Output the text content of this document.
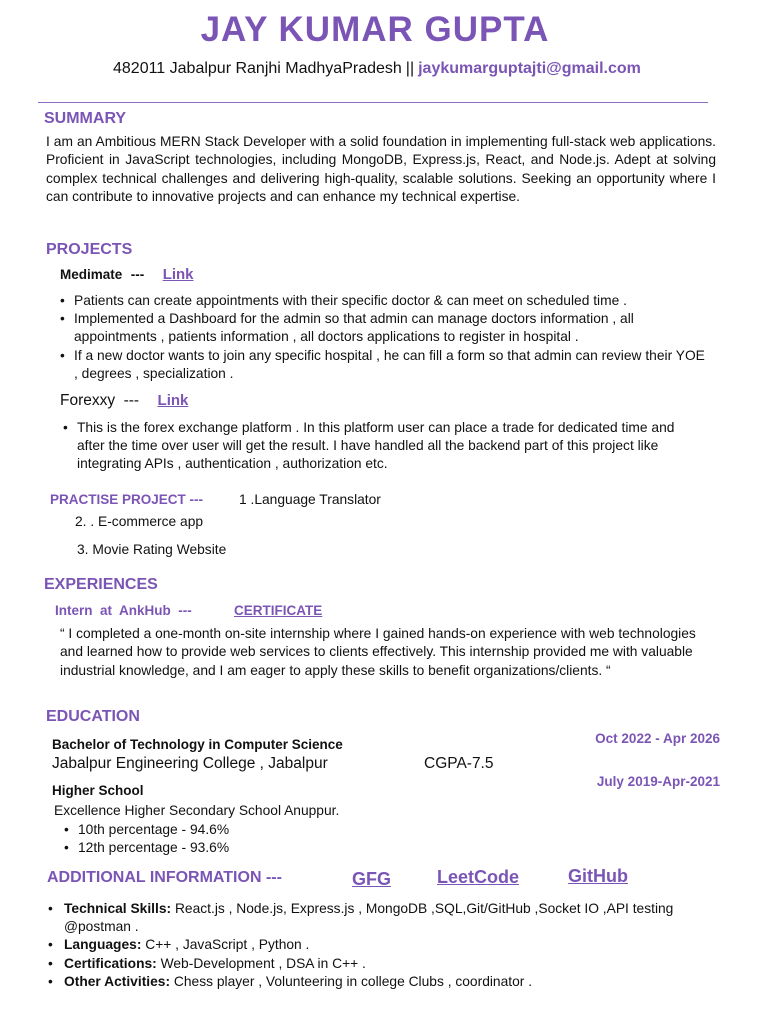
JAY KUMAR GUPTA
482011 Jabalpur Ranjhi MadhyaPradesh || jaykumarguptajti@gmail.com
SUMMARY
I am an Ambitious MERN Stack Developer with a solid foundation in implementing full-stack web applications. Proficient in JavaScript technologies, including MongoDB, Express.js, React, and Node.js. Adept at solving complex technical challenges and delivering high-quality, scalable solutions. Seeking an opportunity where I can contribute to innovative projects and can enhance my technical expertise.
PROJECTS
Medimate --- Link
• Patients can create appointments with their specific doctor & can meet on scheduled time .
• Implemented a Dashboard for the admin so that admin can manage doctors information , all appointments , patients information , all doctors applications to register in hospital .
• If a new doctor wants to join any specific hospital , he can fill a form so that admin can review their YOE , degrees , specialization .
Forexxy --- Link
• This is the forex exchange platform . In this platform user can place a trade for dedicated time and after the time over user will get the result. I have handled all the backend part of this project like integrating APIs , authentication , authorization etc.
PRACTISE PROJECT ---	1 .Language Translator
2. . E-commerce app
3. Movie Rating Website
EXPERIENCES
Intern  at  AnkHub  ---	CERTIFICATE
“ I completed a one-month on-site internship where I gained hands-on experience with web technologies and learned how to provide web services to clients effectively. This internship provided me with valuable industrial knowledge, and I am eager to apply these skills to benefit organizations/clients. “
EDUCATION
Bachelor of Technology in Computer Science	Oct 2022 - Apr 2026
Jabalpur Engineering College , Jabalpur	CGPA-7.5
July 2019-Apr-2021
Higher School
Excellence Higher Secondary School Anuppur.
• 10th percentage - 94.6%
• 12th percentage - 93.6%
ADDITIONAL INFORMATION ---	GFG	LeetCode	GitHub
• Technical Skills: React.js , Node.js, Express.js , MongoDB ,SQL,Git/GitHub ,Socket IO ,API testing @postman .
• Languages: C++ , JavaScript , Python .
• Certifications: Web-Development , DSA in C++ .
• Other Activities: Chess player , Volunteering in college Clubs , coordinator .
